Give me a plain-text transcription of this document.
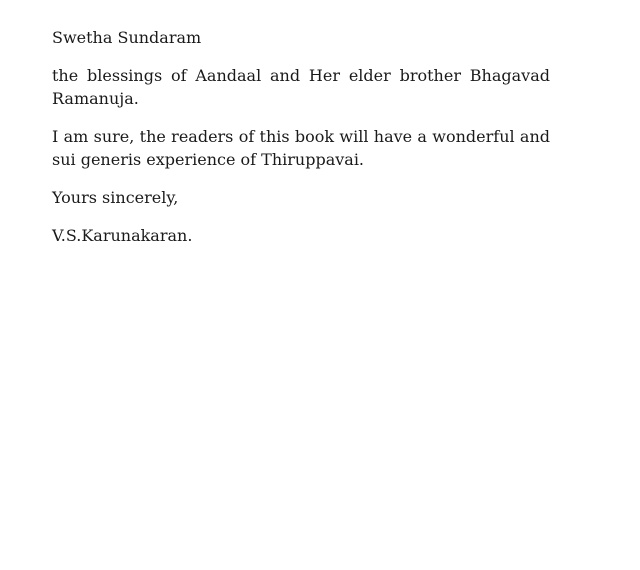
Swetha Sundaram

the blessings of Aandaal and Her elder brother Bhagavad Ramanuja.

I am sure, the readers of this book will have a wonderful and sui generis experience of Thiruppavai.

Yours sincerely,

V.S.Karunakaran.
